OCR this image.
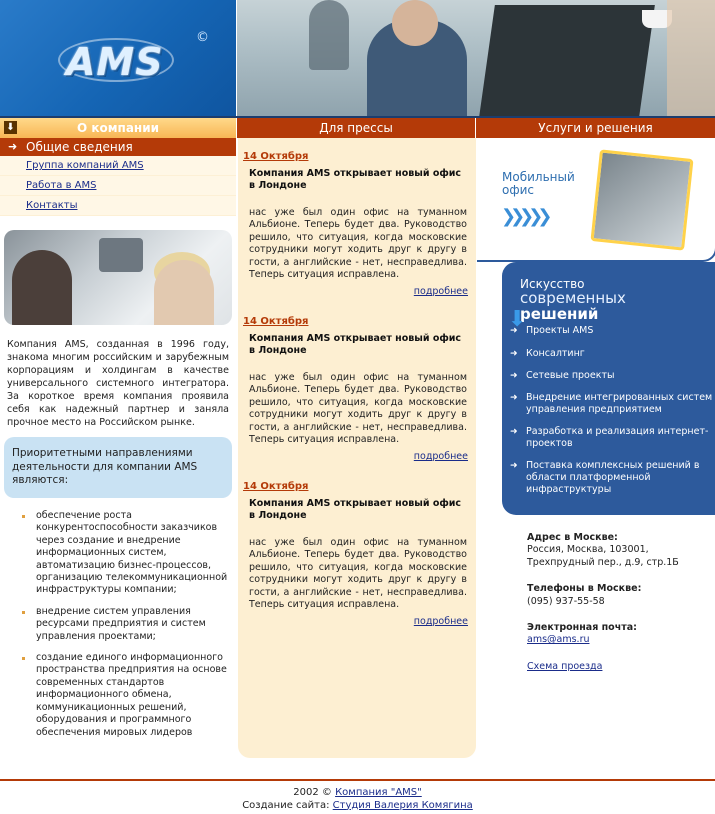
AMS
©
⬇	О компании	Для прессы	Услуги и решения
➜ Общие сведения
Группа компаний AMS
Работа в AMS
Контакты
Компания AMS, созданная в 1996 году, знакома многим российским и зарубежным корпорациям и холдингам в качестве универсального системного интегратора. За короткое время компания проявила себя как надежный партнер и заняла прочное место на Российском рынке.

Приоритетными направлениями деятельности для компании AMS являются:

обеспечение роста конкурентоспособности заказчиков через создание и внедрение информационных систем, автоматизацию бизнес-процессов, организацию телекоммуникационной инфраструктуры компании;
внедрение систем управления ресурсами предприятия и систем управления проектами;
создание единого информационного пространства предприятия на основе современных стандартов информационного обмена, коммуникационных решений, оборудования и программного обеспечения мировых лидеров
14 Октября
Компания AMS открывает новый офис в Лондоне
нас уже был один офис на туманном Альбионе. Теперь будет два. Руководство решило, что ситуация, когда московские сотрудники могут ходить друг к другу в гости, а английские - нет, несправедлива. Теперь ситуация исправлена.
подробнее
14 Октября
Компания AMS открывает новый офис в Лондоне
нас уже был один офис на туманном Альбионе. Теперь будет два. Руководство решило, что ситуация, когда московские сотрудники могут ходить друг к другу в гости, а английские - нет, несправедлива. Теперь ситуация исправлена.
подробнее
14 Октября
Компания AMS открывает новый офис в Лондоне
нас уже был один офис на туманном Альбионе. Теперь будет два. Руководство решило, что ситуация, когда московские сотрудники могут ходить друг к другу в гости, а английские - нет, несправедлива. Теперь ситуация исправлена.
подробнее
Мобильный
офис
❯❯❯❯❯
⬇
Искусство
современных
решений
➜ Проекты AMS
➜ Консалтинг
➜ Сетевые проекты
➜ Внедрение интегрированных систем управления предприятием
➜ Разработка и реализация интернет-проектов
➜ Поставка комплексных решений в области платформенной инфраструктуры
Адрес в Москве:
Россия, Москва, 103001, Трехпрудный пер., д.9, стр.1Б
Телефоны в Москве:
(095) 937-55-58
Электронная почта:
ams@ams.ru
Схема проезда
2002 © Компания "AMS"
Создание сайта: Студия Валерия Комягина
